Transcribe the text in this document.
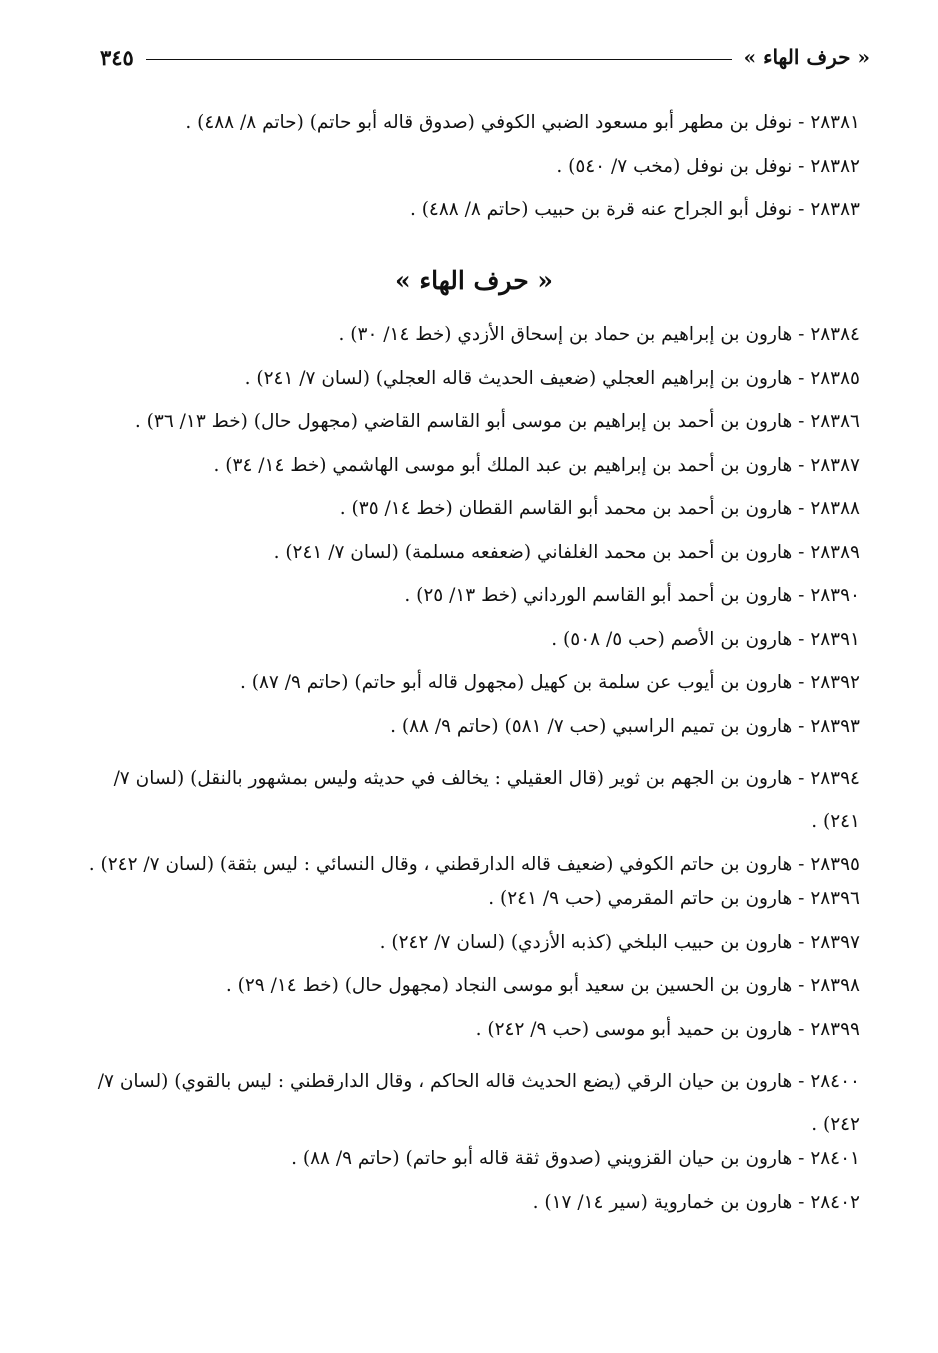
٣٤٥	« حرف الهاء »
٢٨٣٨١ - نوفل بن مطهر أبو مسعود الضبي الكوفي (صدوق قاله أبو حاتم) (حاتم ٨/ ٤٨٨) .
٢٨٣٨٢ - نوفل بن نوفل (مخب ٧/ ٥٤٠) .
٢٨٣٨٣ - نوفل أبو الجراح عنه قرة بن حبيب (حاتم ٨/ ٤٨٨) .
« حرف الهاء »
٢٨٣٨٤ - هارون بن إبراهيم بن حماد بن إسحاق الأزدي (خط ١٤/ ٣٠) .
٢٨٣٨٥ - هارون بن إبراهيم العجلي (ضعيف الحديث قاله العجلي) (لسان ٧/ ٢٤١) .
٢٨٣٨٦ - هارون بن أحمد بن إبراهيم بن موسى أبو القاسم القاضي (مجهول حال) (خط ١٣/ ٣٦) .
٢٨٣٨٧ - هارون بن أحمد بن إبراهيم بن عبد الملك أبو موسى الهاشمي (خط ١٤/ ٣٤) .
٢٨٣٨٨ - هارون بن أحمد بن محمد أبو القاسم القطان (خط ١٤/ ٣٥) .
٢٨٣٨٩ - هارون بن أحمد بن محمد الغلفاني (ضعفعه مسلمة) (لسان ٧/ ٢٤١) .
٢٨٣٩٠ - هارون بن أحمد أبو القاسم الورداني (خط ١٣/ ٢٥) .
٢٨٣٩١ - هارون بن الأصم (حب ٥/ ٥٠٨) .
٢٨٣٩٢ - هارون بن أيوب عن سلمة بن كهيل (مجهول قاله أبو حاتم) (حاتم ٩/ ٨٧) .
٢٨٣٩٣ - هارون بن تميم الراسبي (حب ٧/ ٥٨١) (حاتم ٩/ ٨٨) .
٢٨٣٩٤ - هارون بن الجهم بن ثوير (قال العقيلي : يخالف في حديثه وليس بمشهور بالنقل) (لسان ٧/ ٢٤١) .
٢٨٣٩٥ - هارون بن حاتم الكوفي (ضعيف قاله الدارقطني ، وقال النسائي : ليس بثقة) (لسان ٧/ ٢٤٢) .
٢٨٣٩٦ - هارون بن حاتم المقرمي (حب ٩/ ٢٤١) .
٢٨٣٩٧ - هارون بن حبيب البلخي (كذبه الأزدي) (لسان ٧/ ٢٤٢) .
٢٨٣٩٨ - هارون بن الحسين بن سعيد أبو موسى النجاد (مجهول حال) (خط ١٤/ ٢٩) .
٢٨٣٩٩ - هارون بن حميد أبو موسى (حب ٩/ ٢٤٢) .
٢٨٤٠٠ - هارون بن حيان الرقي (يضع الحديث قاله الحاكم ، وقال الدارقطني : ليس بالقوي) (لسان ٧/ ٢٤٢) .
٢٨٤٠١ - هارون بن حيان القزويني (صدوق ثقة قاله أبو حاتم) (حاتم ٩/ ٨٨) .
٢٨٤٠٢ - هارون بن خماروية (سير ١٤/ ١٧) .
